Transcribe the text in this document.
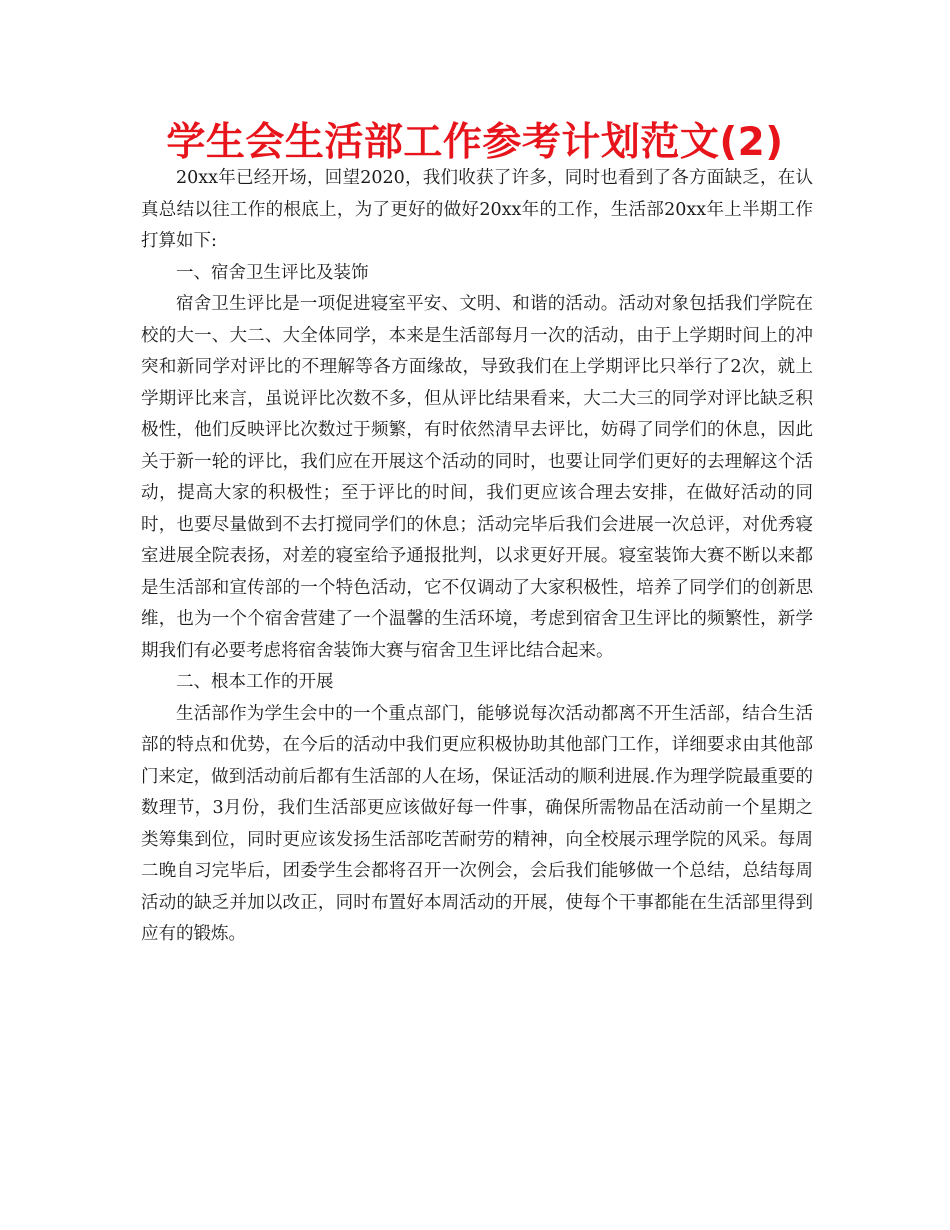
学生会生活部工作参考计划范文(2)

20xx年已经开场，回望2020，我们收获了许多，同时也看到了各方面缺乏，在认真总结以往工作的根底上，为了更好的做好20xx年的工作，生活部20xx年上半期工作打算如下:

一、宿舍卫生评比及装饰

宿舍卫生评比是一项促进寝室平安、文明、和谐的活动。活动对象包括我们学院在校的大一、大二、大全体同学，本来是生活部每月一次的活动，由于上学期时间上的冲突和新同学对评比的不理解等各方面缘故，导致我们在上学期评比只举行了2次，就上学期评比来言，虽说评比次数不多，但从评比结果看来，大二大三的同学对评比缺乏积极性，他们反映评比次数过于频繁，有时依然清早去评比，妨碍了同学们的休息，因此关于新一轮的评比，我们应在开展这个活动的同时，也要让同学们更好的去理解这个活动，提高大家的积极性；至于评比的时间，我们更应该合理去安排，在做好活动的同时，也要尽量做到不去打搅同学们的休息；活动完毕后我们会进展一次总评，对优秀寝室进展全院表扬，对差的寝室给予通报批判，以求更好开展。寝室装饰大赛不断以来都是生活部和宣传部的一个特色活动，它不仅调动了大家积极性，培养了同学们的创新思维，也为一个个宿舍营建了一个温馨的生活环境，考虑到宿舍卫生评比的频繁性，新学期我们有必要考虑将宿舍装饰大赛与宿舍卫生评比结合起来。

二、根本工作的开展

生活部作为学生会中的一个重点部门，能够说每次活动都离不开生活部，结合生活部的特点和优势，在今后的活动中我们更应积极协助其他部门工作，详细要求由其他部门来定，做到活动前后都有生活部的人在场，保证活动的顺利进展.作为理学院最重要的数理节，3月份，我们生活部更应该做好每一件事，确保所需物品在活动前一个星期之类筹集到位，同时更应该发扬生活部吃苦耐劳的精神，向全校展示理学院的风采。每周二晚自习完毕后，团委学生会都将召开一次例会，会后我们能够做一个总结，总结每周活动的缺乏并加以改正，同时布置好本周活动的开展，使每个干事都能在生活部里得到应有的锻炼。
